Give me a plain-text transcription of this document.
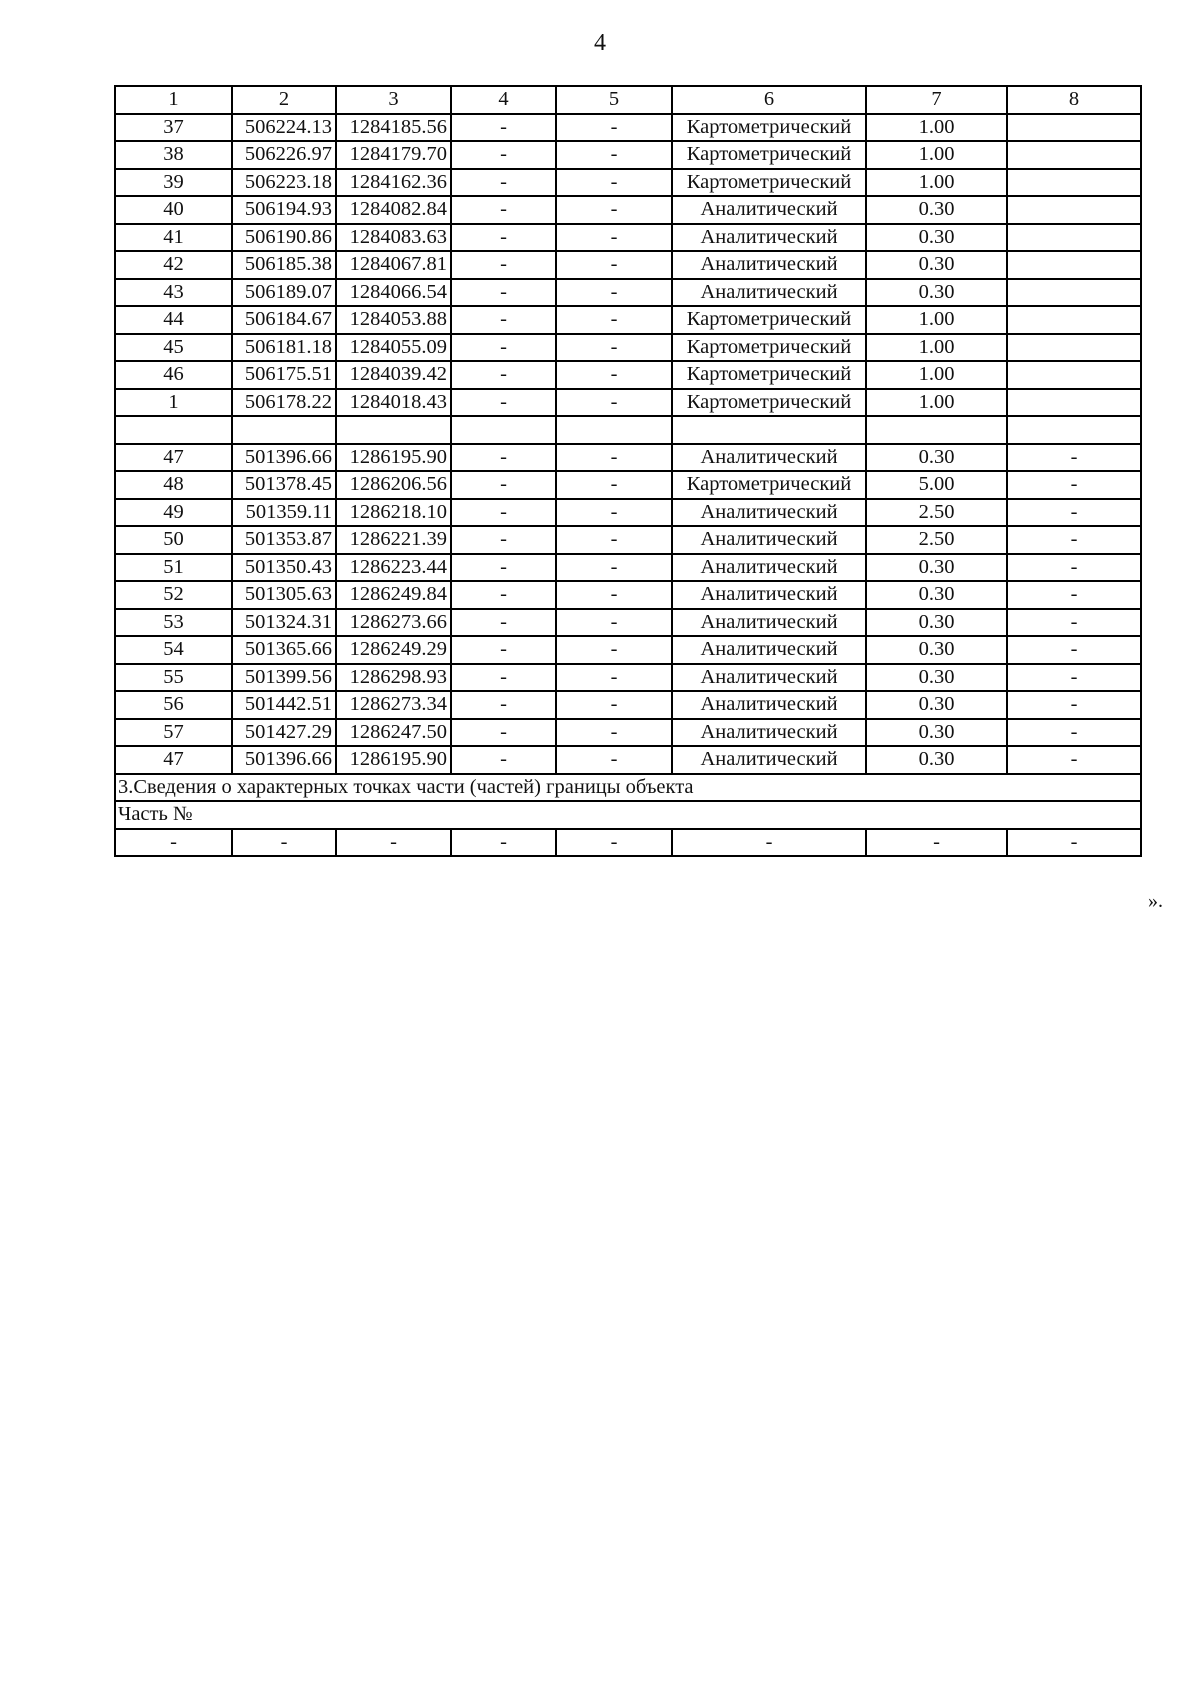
4
1	2	3	4	5	6	7	8
37	506224.13	1284185.56	-	-	Картометрический	1.00	
38	506226.97	1284179.70	-	-	Картометрический	1.00	
39	506223.18	1284162.36	-	-	Картометрический	1.00	
40	506194.93	1284082.84	-	-	Аналитический	0.30	
41	506190.86	1284083.63	-	-	Аналитический	0.30	
42	506185.38	1284067.81	-	-	Аналитический	0.30	
43	506189.07	1284066.54	-	-	Аналитический	0.30	
44	506184.67	1284053.88	-	-	Картометрический	1.00	
45	506181.18	1284055.09	-	-	Картометрический	1.00	
46	506175.51	1284039.42	-	-	Картометрический	1.00	
1	506178.22	1284018.43	-	-	Картометрический	1.00	

47	501396.66	1286195.90	-	-	Аналитический	0.30	-
48	501378.45	1286206.56	-	-	Картометрический	5.00	-
49	501359.11	1286218.10	-	-	Аналитический	2.50	-
50	501353.87	1286221.39	-	-	Аналитический	2.50	-
51	501350.43	1286223.44	-	-	Аналитический	0.30	-
52	501305.63	1286249.84	-	-	Аналитический	0.30	-
53	501324.31	1286273.66	-	-	Аналитический	0.30	-
54	501365.66	1286249.29	-	-	Аналитический	0.30	-
55	501399.56	1286298.93	-	-	Аналитический	0.30	-
56	501442.51	1286273.34	-	-	Аналитический	0.30	-
57	501427.29	1286247.50	-	-	Аналитический	0.30	-
47	501396.66	1286195.90	-	-	Аналитический	0.30	-
3.Сведения о характерных точках части (частей) границы объекта							
Часть №							
-	-	-	-	-	-	-	-
».
